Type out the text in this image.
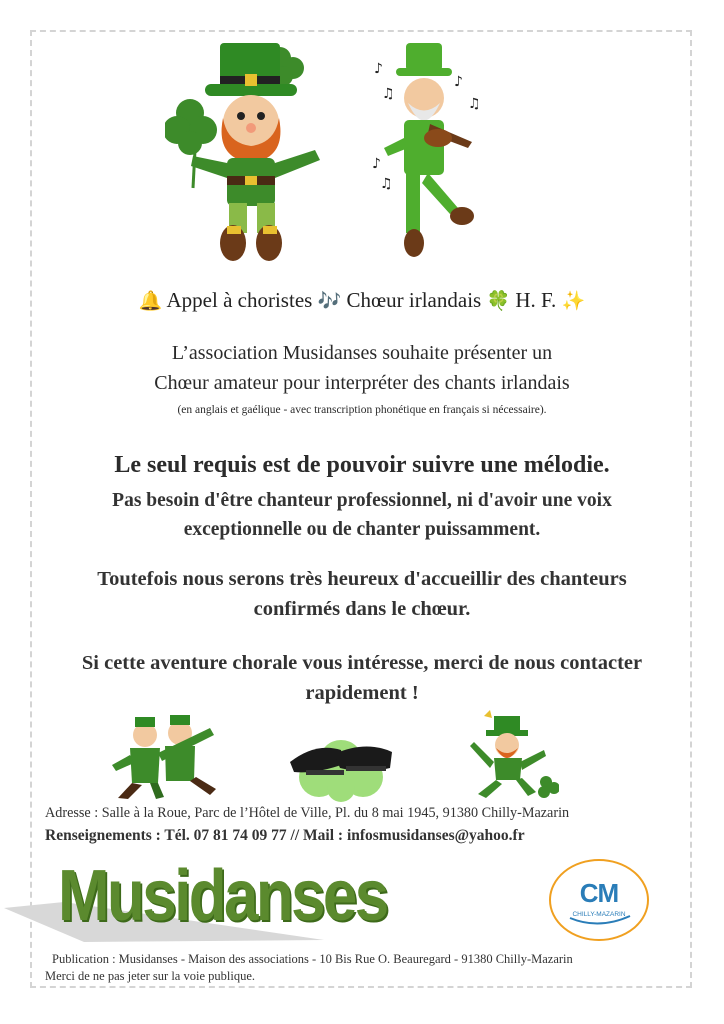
♪
♫
♪
♫
♪
♫
🔔 Appel à choristes 🎶 Chœur irlandais 🍀 H. F. ✨
L’association Musidanses souhaite présenter un
Chœur amateur pour interpréter des chants irlandais
(en anglais et gaélique - avec transcription phonétique en français si nécessaire).
Le seul requis est de pouvoir suivre une mélodie.
Pas besoin d'être chanteur professionnel, ni d'avoir une voix
exceptionnelle ou de chanter puissamment.
Toutefois nous serons très heureux d'accueillir des chanteurs
confirmés dans le chœur.
Si cette aventure chorale vous intéresse, merci de nous contacter
rapidement !
Adresse : Salle à la Roue, Parc de l’Hôtel de Ville, Pl. du 8 mai 1945, 91380 Chilly-Mazarin
Renseignements : Tél. 07 81 74 09 77 // Mail : infosmusidanses@yahoo.fr
Musidanses	CM
CHILLY-MAZARIN
Publication : Musidanses - Maison des associations - 10 Bis Rue O. Beauregard - 91380 Chilly-Mazarin
Merci de ne pas jeter sur la voie publique.
